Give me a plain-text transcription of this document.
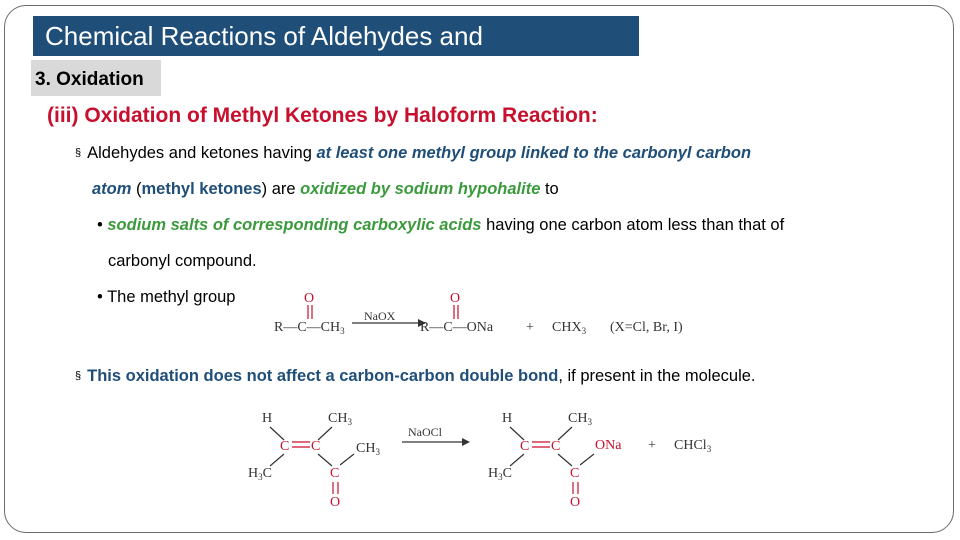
Chemical Reactions of Aldehydes and
3. Oxidation
(iii) Oxidation of Methyl Ketones by Haloform Reaction:
§ Aldehydes and ketones having at least one methyl group linked to the carbonyl carbon
atom (methyl ketones) are oxidized by sodium hypohalite to
• sodium salts of corresponding carboxylic acids having one carbon atom less than that of
carbonyl compound.
• The methyl group	O
$R—C—CH_3$
NaOX
O
R—C—ONa + $CHX_3$ (X=Cl, Br, I)
§ This oxidation does not affect a carbon-carbon double bond, if present in the molecule.
H	$CH_3$
C C
$H_3C$	C
$CH_3$
O
NaOCl
H	$CH_3$
C C
$H_3C$	C
ONa
O
+ CHCl$_3$
